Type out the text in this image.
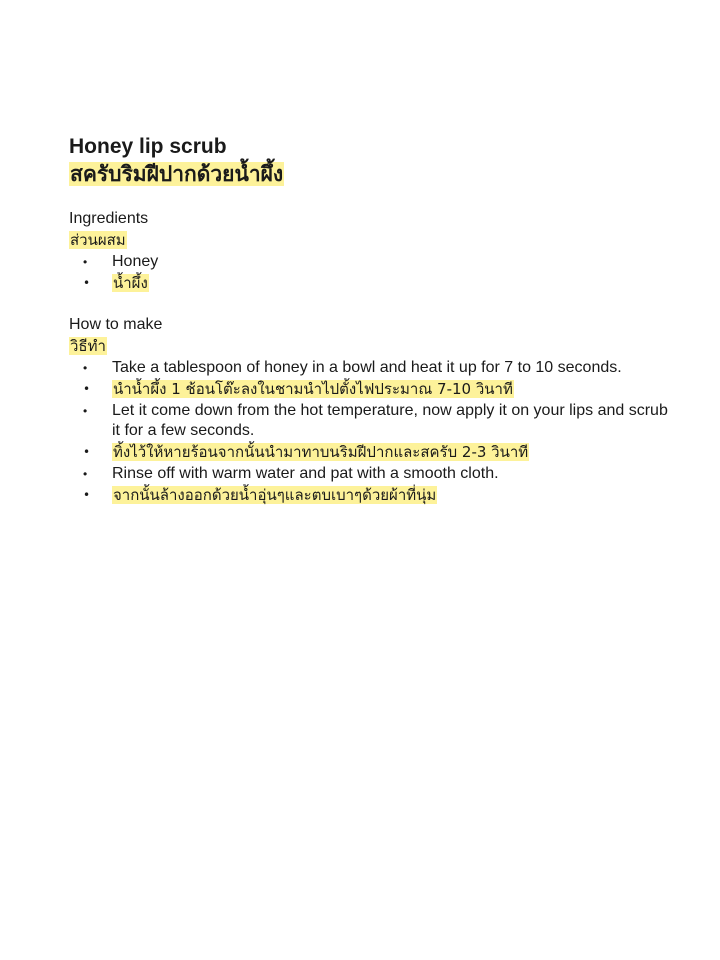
Honey lip scrub

สครับริมฝีปากด้วยน้ำผึ้ง

Ingredients

ส่วนผสม

• Honey
• น้ำผึ้ง

How to make

วิธีทำ

• Take a tablespoon of honey in a bowl and heat it up for 7 to 10 seconds.
• นำน้ำผึ้ง 1 ช้อนโต๊ะลงในชามนำไปตั้งไฟประมาณ 7-10 วินาที
• Let it come down from the hot temperature, now apply it on your lips and scrub it for a few seconds.
• ทิ้งไว้ให้หายร้อนจากนั้นนำมาทาบนริมฝีปากและสครับ 2-3 วินาที
• Rinse off with warm water and pat with a smooth cloth.
• จากนั้นล้างออกด้วยน้ำอุ่นๆและตบเบาๆด้วยผ้าที่นุ่ม
